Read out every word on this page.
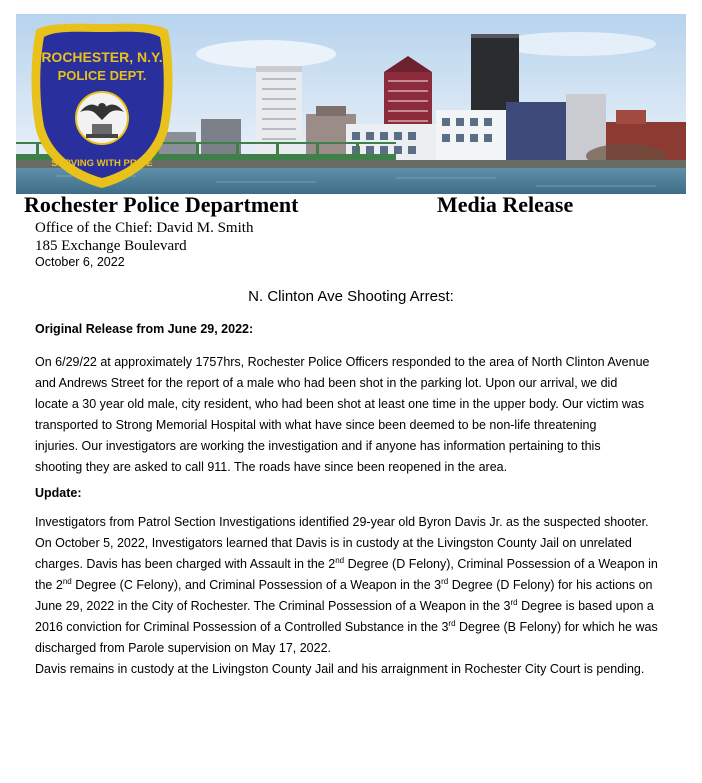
ROCHESTER, N.Y.
POLICE DEPT.
SERVING WITH PRIDE
Rochester Police Department	Media Release
Office of the Chief: David M. Smith
185 Exchange Boulevard
October 6, 2022
N. Clinton Ave Shooting Arrest:
Original Release from June 29, 2022:
On 6/29/22 at approximately 1757hrs, Rochester Police Officers responded to the area of North Clinton Avenue
and Andrews Street for the report of a male who had been shot in the parking lot. Upon our arrival, we did
locate a 30 year old male, city resident, who had been shot at least one time in the upper body. Our victim was
transported to Strong Memorial Hospital with what have since been deemed to be non-life threatening
injuries. Our investigators are working the investigation and if anyone has information pertaining to this
shooting they are asked to call 911. The roads have since been reopened in the area.
Update:
Investigators from Patrol Section Investigations identified 29-year old Byron Davis Jr. as the suspected shooter.
On October 5, 2022, Investigators learned that Davis is in custody at the Livingston County Jail on unrelated
charges. Davis has been charged with Assault in the 2nd Degree (D Felony), Criminal Possession of a Weapon in
the 2nd Degree (C Felony), and Criminal Possession of a Weapon in the 3rd Degree (D Felony) for his actions on
June 29, 2022 in the City of Rochester. The Criminal Possession of a Weapon in the 3rd Degree is based upon a
2016 conviction for Criminal Possession of a Controlled Substance in the 3rd Degree (B Felony) for which he was
discharged from Parole supervision on May 17, 2022.
Davis remains in custody at the Livingston County Jail and his arraignment in Rochester City Court is pending.
